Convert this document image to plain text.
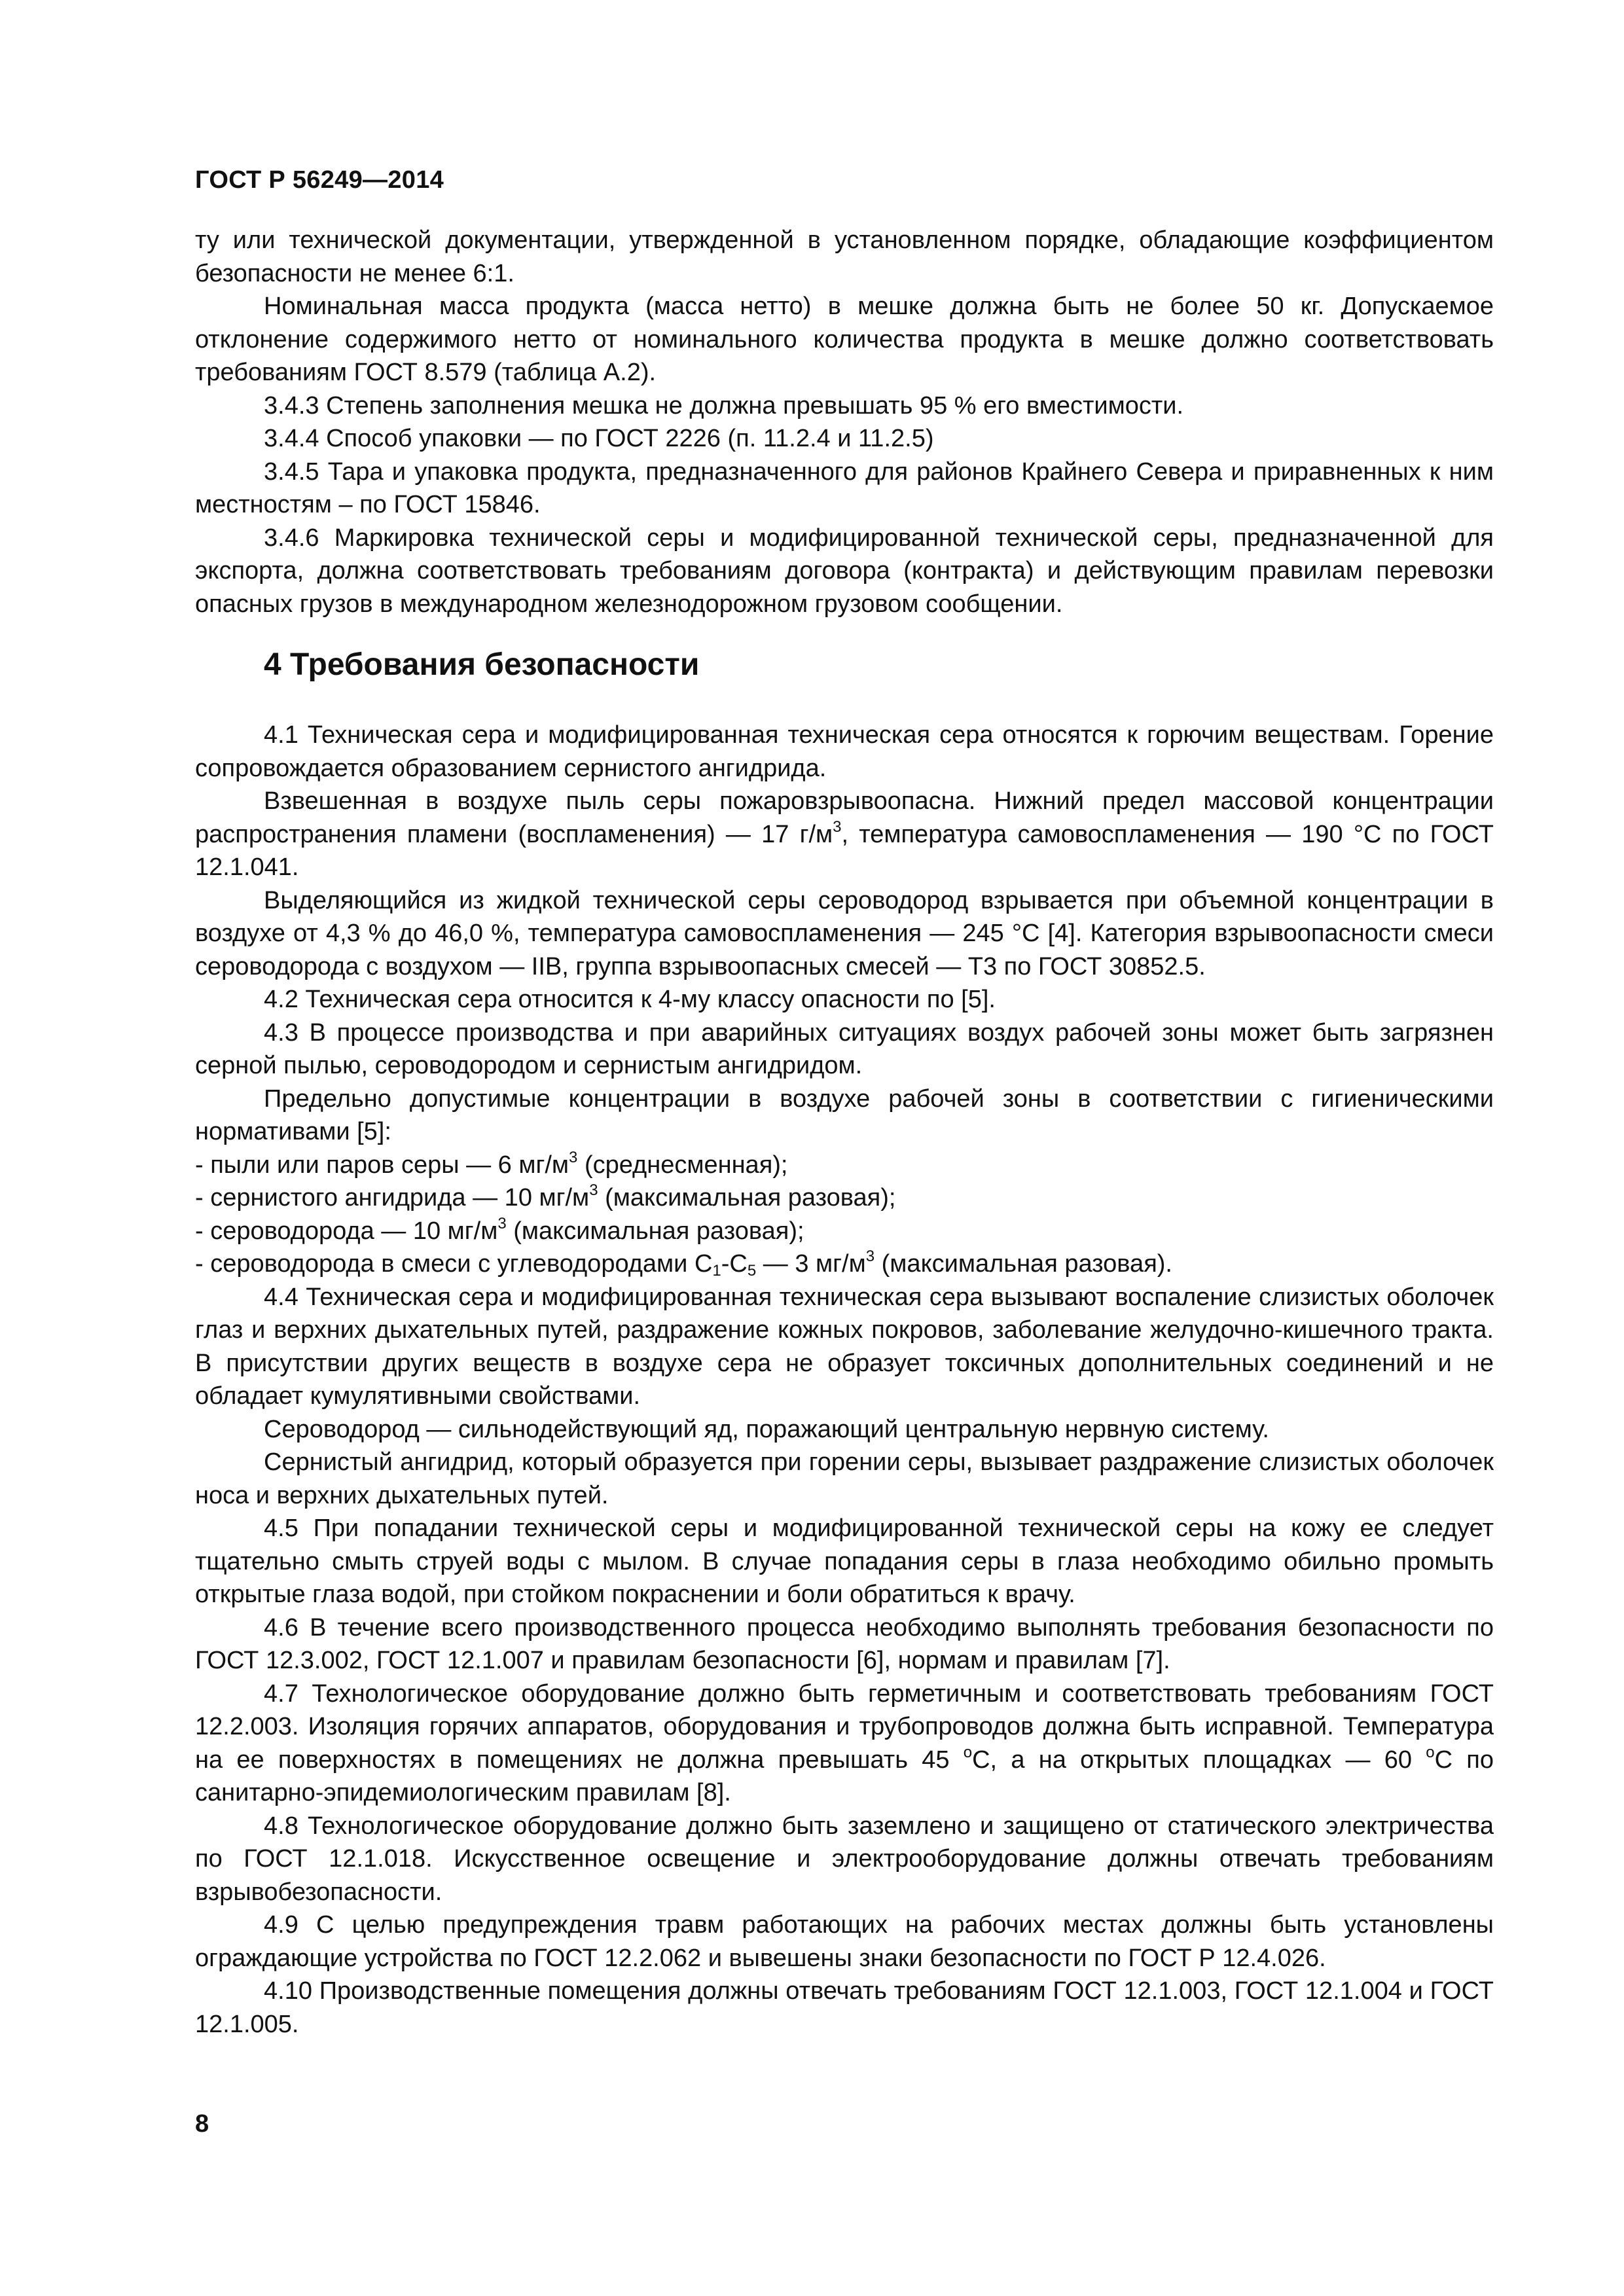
ГОСТ Р 56249—2014

ту или технической документации, утвержденной в установленном порядке, обладающие коэффициентом безопасности не менее 6:1.

Номинальная масса продукта (масса нетто) в мешке должна быть не более 50 кг. Допускаемое отклонение содержимого нетто от номинального количества продукта в мешке должно соответствовать требованиям ГОСТ 8.579 (таблица А.2).

3.4.3 Степень заполнения мешка не должна превышать 95 % его вместимости.

3.4.4 Способ упаковки — по ГОСТ 2226 (п. 11.2.4 и 11.2.5)

3.4.5 Тара и упаковка продукта, предназначенного для районов Крайнего Севера и приравненных к ним местностям – по ГОСТ 15846.

3.4.6 Маркировка технической серы и модифицированной технической серы, предназначенной для экспорта, должна соответствовать требованиям договора (контракта) и действующим правилам перевозки опасных грузов в международном железнодорожном грузовом сообщении.

4 Требования безопасности

4.1 Техническая сера и модифицированная техническая сера относятся к горючим веществам. Горение сопровождается образованием сернистого ангидрида.

Взвешенная в воздухе пыль серы пожаровзрывоопасна. Нижний предел массовой концентрации распространения пламени (воспламенения) — 17 $г/м^3$, температура самовоспламенения — 190 °С по ГОСТ 12.1.041.

Выделяющийся из жидкой технической серы сероводород взрывается при объемной концентрации в воздухе от 4,3 % до 46,0 %, температура самовоспламенения — 245 °С [4]. Категория взрывоопасности смеси сероводорода с воздухом — IIВ, группа взрывоопасных смесей — Т3 по ГОСТ 30852.5.

4.2 Техническая сера относится к 4-му классу опасности по [5].

4.3 В процессе производства и при аварийных ситуациях воздух рабочей зоны может быть загрязнен серной пылью, сероводородом и сернистым ангидридом.

Предельно допустимые концентрации в воздухе рабочей зоны в соответствии с гигиеническими нормативами [5]:

- пыли или паров серы — 6 $мг/м^3$ (среднесменная);
- сернистого ангидрида — 10 $мг/м^3$ (максимальная разовая);
- сероводорода — 10 $мг/м^3$ (максимальная разовая);
- сероводорода в смеси с углеводородами $С_1-С_5$ — 3 $мг/м^3$ (максимальная разовая).

4.4 Техническая сера и модифицированная техническая сера вызывают воспаление слизистых оболочек глаз и верхних дыхательных путей, раздражение кожных покровов, заболевание желудочно-кишечного тракта. В присутствии других веществ в воздухе сера не образует токсичных дополнительных соединений и не обладает кумулятивными свойствами.

Сероводород — сильнодействующий яд, поражающий центральную нервную систему.

Сернистый ангидрид, который образуется при горении серы, вызывает раздражение слизистых оболочек носа и верхних дыхательных путей.

4.5 При попадании технической серы и модифицированной технической серы на кожу ее следует тщательно смыть струей воды с мылом. В случае попадания серы в глаза необходимо обильно промыть открытые глаза водой, при стойком покраснении и боли обратиться к врачу.

4.6 В течение всего производственного процесса необходимо выполнять требования безопасности по ГОСТ 12.3.002, ГОСТ 12.1.007 и правилам безопасности [6], нормам и правилам [7].

4.7 Технологическое оборудование должно быть герметичным и соответствовать требованиям ГОСТ 12.2.003. Изоляция горячих аппаратов, оборудования и трубопроводов должна быть исправной. Температура на ее поверхностях в помещениях не должна превышать 45 $^о$С, а на открытых площадках — 60 $^о$С по санитарно-эпидемиологическим правилам [8].

4.8 Технологическое оборудование должно быть заземлено и защищено от статического электричества по ГОСТ 12.1.018. Искусственное освещение и электрооборудование должны отвечать требованиям взрывобезопасности.

4.9 С целью предупреждения травм работающих на рабочих местах должны быть установлены ограждающие устройства по ГОСТ 12.2.062 и вывешены знаки безопасности по ГОСТ Р 12.4.026.

4.10 Производственные помещения должны отвечать требованиям ГОСТ 12.1.003, ГОСТ 12.1.004 и ГОСТ 12.1.005.

8
